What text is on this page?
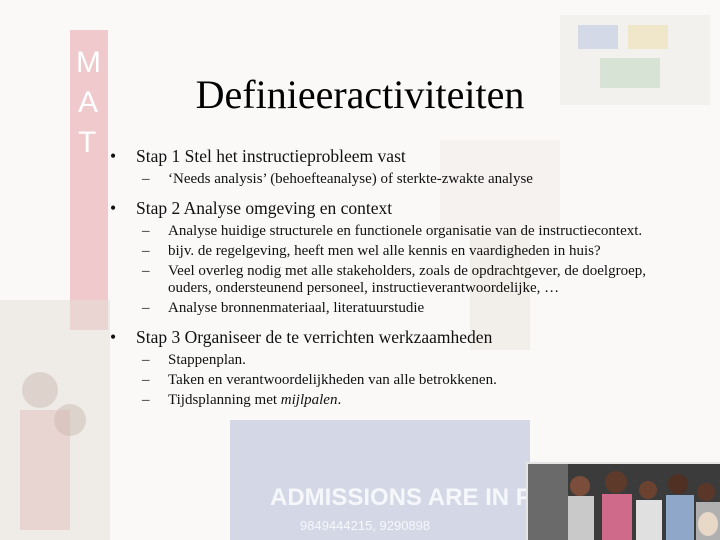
Definieeractiviteiten
• Stap 1 Stel het instructieprobleem vast
– ‘Needs analysis’ (behoefteanalyse) of sterkte-zwakte analyse
• Stap 2 Analyse omgeving en context
– Analyse huidige structurele en functionele organisatie van de instructiecontext.
– bijv. de regelgeving, heeft men wel alle kennis en vaardigheden in huis?
– Veel overleg nodig met alle stakeholders, zoals de opdrachtgever, de doelgroep, ouders, ondersteunend personeel, instructieverantwoordelijke, …
– Analyse bronnenmateriaal, literatuurstudie
• Stap 3 Organiseer de te verrichten werkzaamheden
– Stappenplan.
– Taken en verantwoordelijkheden van alle betrokkenen.
– Tijdsplanning met mijlpalen.
